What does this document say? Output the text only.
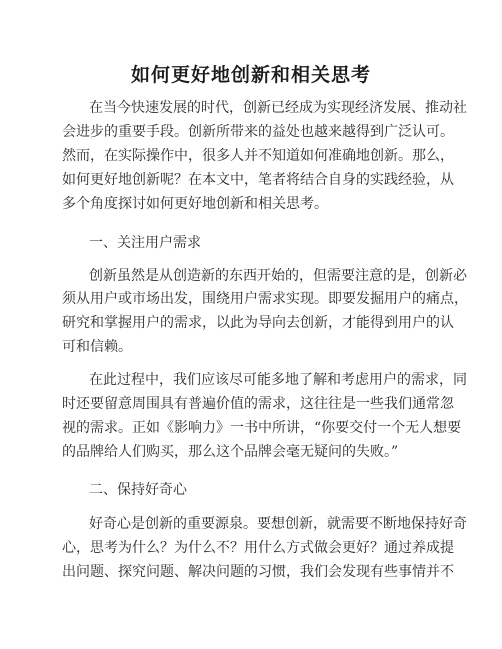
如何更好地创新和相关思考
在当今快速发展的时代，创新已经成为实现经济发展、推动社
会进步的重要手段。创新所带来的益处也越来越得到广泛认可。
然而，在实际操作中，很多人并不知道如何准确地创新。那么，
如何更好地创新呢？在本文中，笔者将结合自身的实践经验，从
多个角度探讨如何更好地创新和相关思考。
一、关注用户需求
创新虽然是从创造新的东西开始的，但需要注意的是，创新必
须从用户或市场出发，围绕用户需求实现。即要发掘用户的痛点，
研究和掌握用户的需求，以此为导向去创新，才能得到用户的认
可和信赖。
在此过程中，我们应该尽可能多地了解和考虑用户的需求，同
时还要留意周围具有普遍价值的需求，这往往是一些我们通常忽
视的需求。正如《影响力》一书中所讲，“你要交付一个无人想要
的品牌给人们购买，那么这个品牌会毫无疑问的失败。”
二、保持好奇心
好奇心是创新的重要源泉。要想创新，就需要不断地保持好奇
心，思考为什么？为什么不？用什么方式做会更好？通过养成提
出问题、探究问题、解决问题的习惯，我们会发现有些事情并不
